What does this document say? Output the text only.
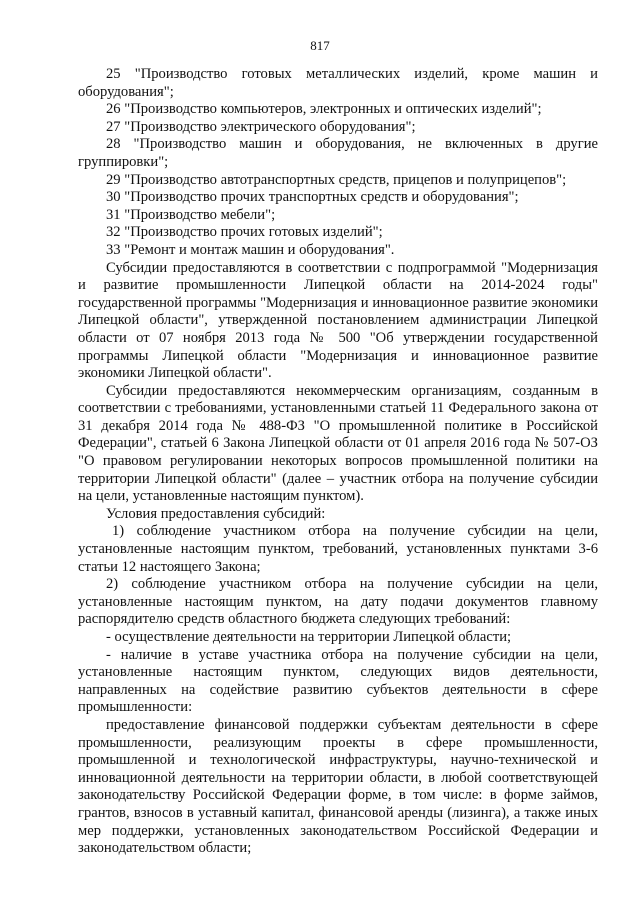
817

25 "Производство готовых металлических изделий, кроме машин и оборудования";

26 "Производство компьютеров, электронных и оптических изделий";

27 "Производство электрического оборудования";

28 "Производство машин и оборудования, не включенных в другие группировки";

29 "Производство автотранспортных средств, прицепов и полуприцепов";

30 "Производство прочих транспортных средств и оборудования";

31 "Производство мебели";

32 "Производство прочих готовых изделий";

33 "Ремонт и монтаж машин и оборудования".

Субсидии предоставляются в соответствии с подпрограммой "Модернизация и развитие промышленности Липецкой области на 2014-2024 годы" государственной программы "Модернизация и инновационное развитие экономики Липецкой области", утвержденной постановлением администрации Липецкой области от 07 ноября 2013 года № 500 "Об утверждении государственной программы Липецкой области "Модернизация и инновационное развитие экономики Липецкой области".

Субсидии предоставляются некоммерческим организациям, созданным в соответствии с требованиями, установленными статьей 11 Федерального закона от 31 декабря 2014 года № 488-ФЗ "О промышленной политике в Российской Федерации", статьей 6 Закона Липецкой области от 01 апреля 2016 года № 507-ОЗ "О правовом регулировании некоторых вопросов промышленной политики на территории Липецкой области" (далее – участник отбора на получение субсидии на цели, установленные настоящим пунктом).

Условия предоставления субсидий:

1) соблюдение участником отбора на получение субсидии на цели, установленные настоящим пунктом, требований, установленных пунктами 3-6 статьи 12 настоящего Закона;

2) соблюдение участником отбора на получение субсидии на цели, установленные настоящим пунктом, на дату подачи документов главному распорядителю средств областного бюджета следующих требований:

- осуществление деятельности на территории Липецкой области;

- наличие в уставе участника отбора на получение субсидии на цели, установленные настоящим пунктом, следующих видов деятельности, направленных на содействие развитию субъектов деятельности в сфере промышленности:

предоставление финансовой поддержки субъектам деятельности в сфере промышленности, реализующим проекты в сфере промышленности, промышленной и технологической инфраструктуры, научно-технической и инновационной деятельности на территории области, в любой соответствующей законодательству Российской Федерации форме, в том числе: в форме займов, грантов, взносов в уставный капитал, финансовой аренды (лизинга), а также иных мер поддержки, установленных законодательством Российской Федерации и законодательством области;
